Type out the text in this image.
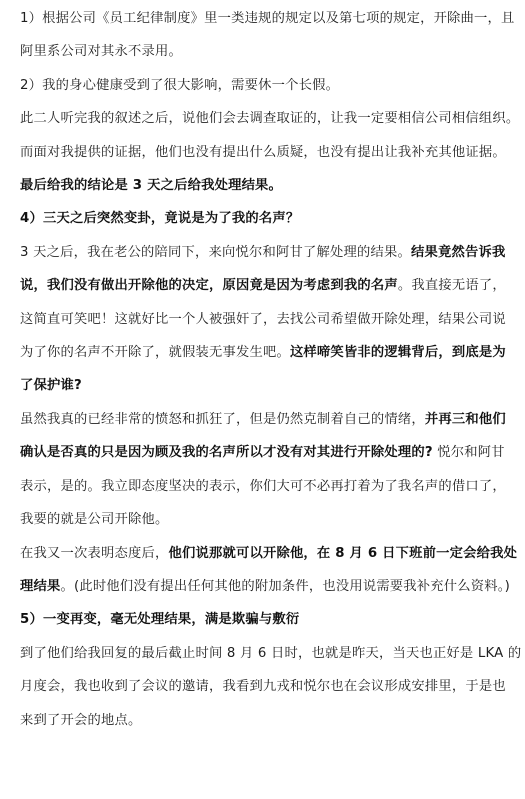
1）根据公司《员工纪律制度》里一类违规的规定以及第七项的规定，开除曲一，且
阿里系公司对其永不录用。

2）我的身心健康受到了很大影响，需要休一个长假。

此二人听完我的叙述之后，说他们会去调查取证的，让我一定要相信公司相信组织。
而面对我提供的证据，他们也没有提出什么质疑，也没有提出让我补充其他证据。

最后给我的结论是 3 天之后给我处理结果。

4）三天之后突然变卦，竟说是为了我的名声？

3 天之后，我在老公的陪同下，来向悦尔和阿甘了解处理的结果。结果竟然告诉我
说，我们没有做出开除他的决定，原因竟是因为考虑到我的名声。我直接无语了，
这简直可笑吧！这就好比一个人被强奸了，去找公司希望做开除处理，结果公司说
为了你的名声不开除了，就假装无事发生吧。这样啼笑皆非的逻辑背后，到底是为
了保护谁?

虽然我真的已经非常的愤怒和抓狂了，但是仍然克制着自己的情绪，并再三和他们
确认是否真的只是因为顾及我的名声所以才没有对其进行开除处理的? 悦尔和阿甘
表示，是的。我立即态度坚决的表示，你们大可不必再打着为了我名声的借口了，
我要的就是公司开除他。

在我又一次表明态度后，他们说那就可以开除他，在 8 月 6 日下班前一定会给我处
理结果。(此时他们没有提出任何其他的附加条件，也没用说需要我补充什么资料。)

5）一变再变，毫无处理结果，满是欺骗与敷衍

到了他们给我回复的最后截止时间 8 月 6 日时，也就是昨天，当天也正好是 LKA 的
月度会，我也收到了会议的邀请，我看到九戎和悦尔也在会议形成安排里，于是也
来到了开会的地点。
